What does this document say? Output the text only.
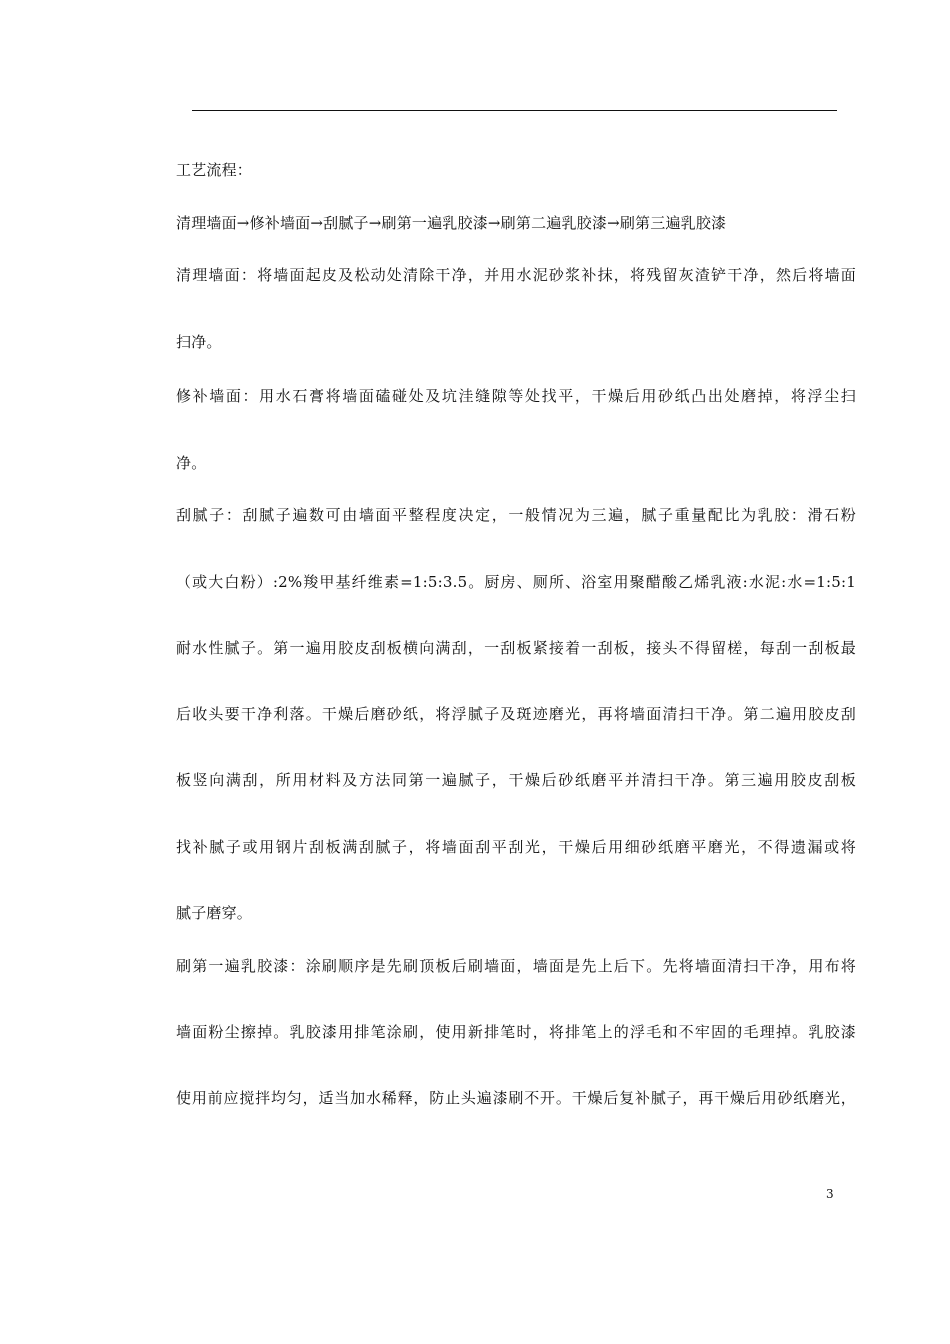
工艺流程：
清理墙面→修补墙面→刮腻子→刷第一遍乳胶漆→刷第二遍乳胶漆→刷第三遍乳胶漆
清理墙面：将墙面起皮及松动处清除干净，并用水泥砂浆补抹，将残留灰渣铲干净，然后将墙面
扫净。
修补墙面：用水石膏将墙面磕碰处及坑洼缝隙等处找平，干燥后用砂纸凸出处磨掉，将浮尘扫
净。
刮腻子：刮腻子遍数可由墙面平整程度决定，一般情况为三遍，腻子重量配比为乳胶：滑石粉
（或大白粉）:2%羧甲基纤维素=1:5:3.5。厨房、厕所、浴室用聚醋酸乙烯乳液:水泥:水=1:5:1
耐水性腻子。第一遍用胶皮刮板横向满刮，一刮板紧接着一刮板，接头不得留槎，每刮一刮板最
后收头要干净利落。干燥后磨砂纸，将浮腻子及斑迹磨光，再将墙面清扫干净。第二遍用胶皮刮
板竖向满刮，所用材料及方法同第一遍腻子，干燥后砂纸磨平并清扫干净。第三遍用胶皮刮板
找补腻子或用钢片刮板满刮腻子，将墙面刮平刮光，干燥后用细砂纸磨平磨光，不得遗漏或将
腻子磨穿。
刷第一遍乳胶漆：涂刷顺序是先刷顶板后刷墙面，墙面是先上后下。先将墙面清扫干净，用布将
墙面粉尘擦掉。乳胶漆用排笔涂刷，使用新排笔时，将排笔上的浮毛和不牢固的毛理掉。乳胶漆
使用前应搅拌均匀，适当加水稀释，防止头遍漆刷不开。干燥后复补腻子，再干燥后用砂纸磨光，
3
